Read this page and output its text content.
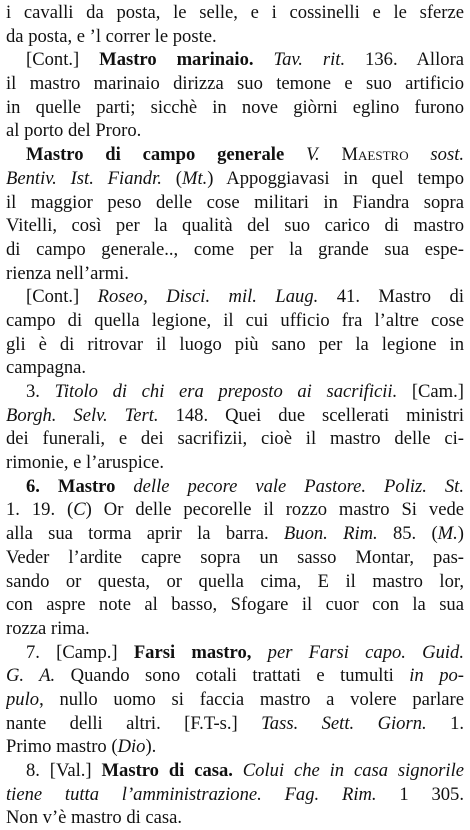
i cavalli da posta, le selle, e i cossinelli e le sferze
da posta, e ’l correr le poste.
[Cont.] Mastro marinaio. Tav. rit. 136. Allora
il mastro marinaio dirizza suo temone e suo artificio
in quelle parti; sicchè in nove giòrni eglino furono
al porto del Proro.
Mastro di campo generale V. Maestro sost.
Bentiv. Ist. Fiandr. (Mt.) Appoggiavasi in quel tempo
il maggior peso delle cose militari in Fiandra sopra
Vitelli, così per la qualità del suo carico di mastro
di campo generale.., come per la grande sua espe-
rienza nell’armi.
[Cont.] Roseo, Disci. mil. Laug. 41. Mastro di
campo di quella legione, il cui ufficio fra l’altre cose
gli è di ritrovar il luogo più sano per la legione in
campagna.
3. Titolo di chi era preposto ai sacrificii. [Cam.]
Borgh. Selv. Tert. 148. Quei due scellerati ministri
dei funerali, e dei sacrifizii, cioè il mastro delle ci-
rimonie, e l’aruspice.
6. Mastro delle pecore vale Pastore. Poliz. St.
1. 19. (C) Or delle pecorelle il rozzo mastro Si vede
alla sua torma aprir la barra. Buon. Rim. 85. (M.)
Veder l’ardite capre sopra un sasso Montar, pas-
sando or questa, or quella cima, E il mastro lor,
con aspre note al basso, Sfogare il cuor con la sua
rozza rima.
7. [Camp.] Farsi mastro, per Farsi capo. Guid.
G. A. Quando sono cotali trattati e tumulti in po-
pulo, nullo uomo si faccia mastro a volere parlare
nante delli altri. [F.T-s.] Tass. Sett. Giorn. 1.
Primo mastro (Dio).
8. [Val.] Mastro di casa. Colui che in casa signorile
tiene tutta l’amministrazione. Fag. Rim. 1 305.
Non v’è mastro di casa.
